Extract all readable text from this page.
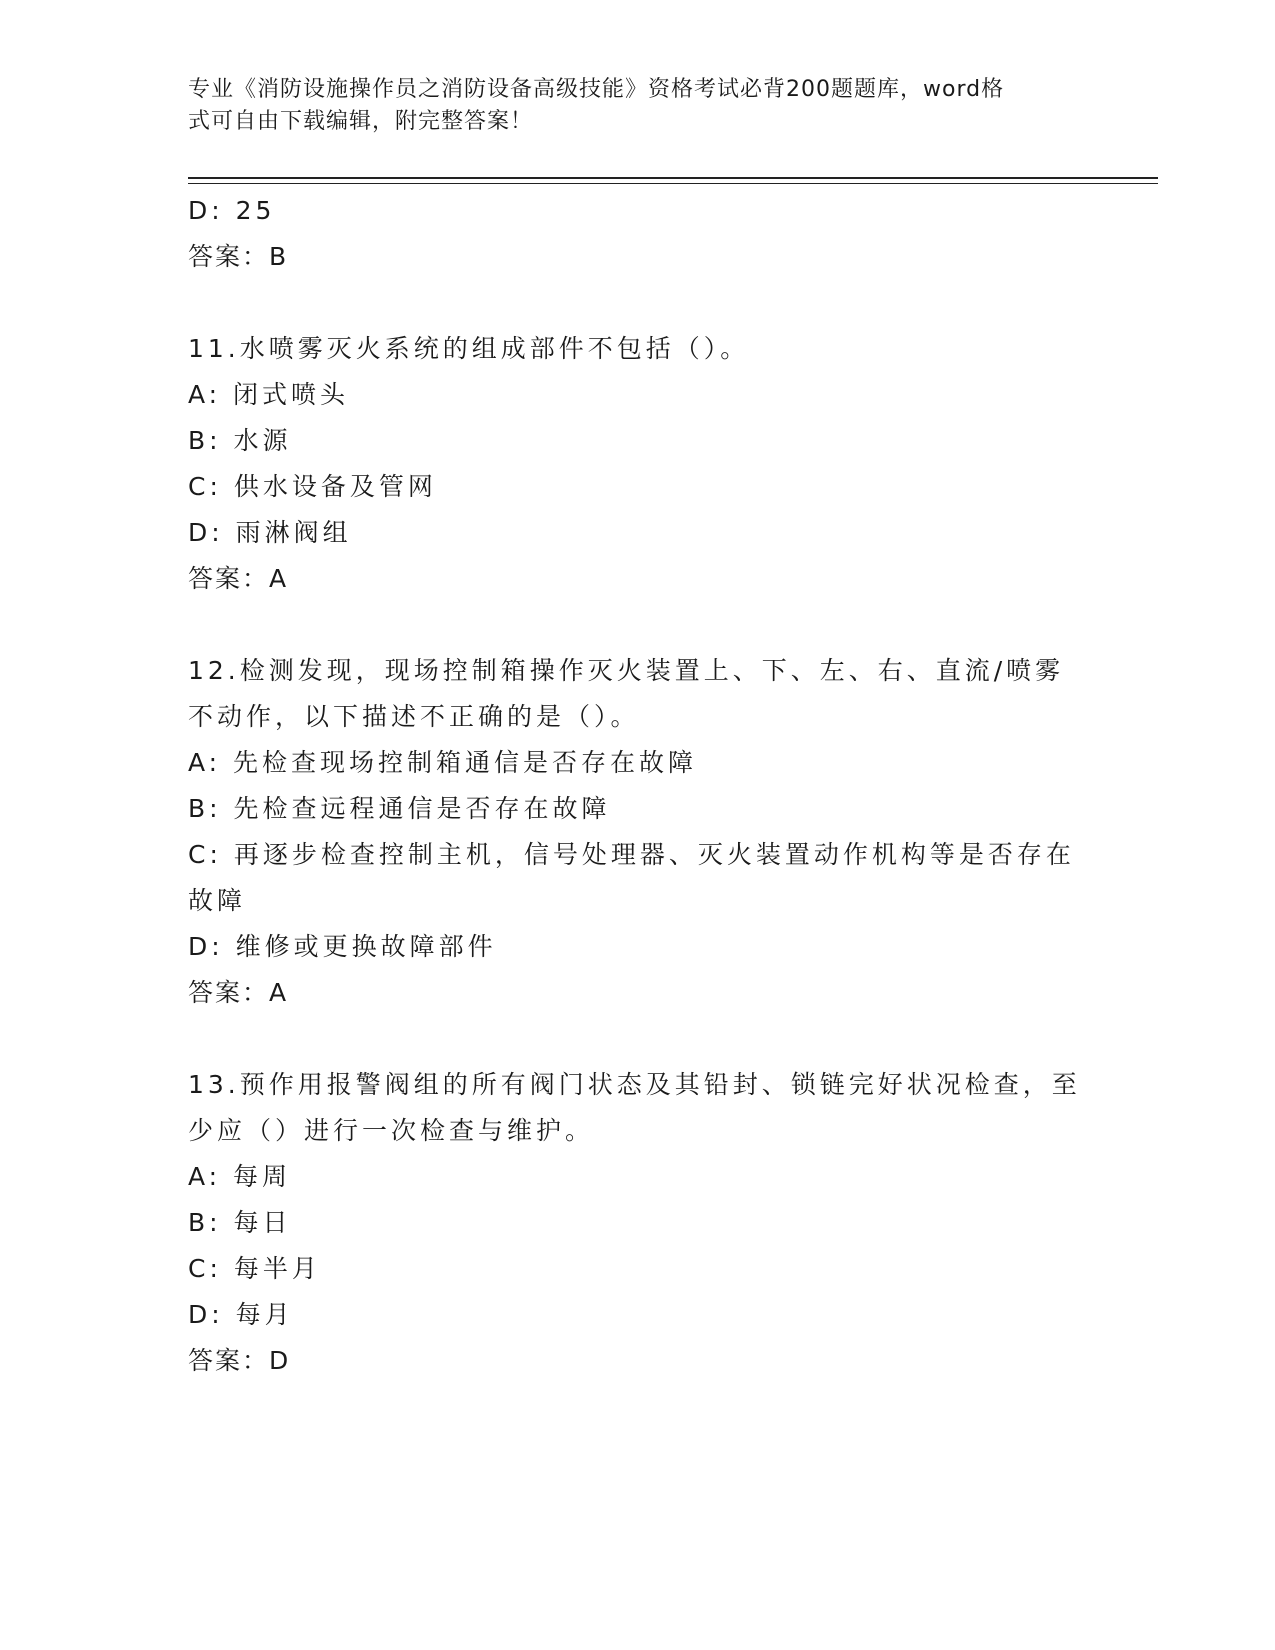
专业《消防设施操作员之消防设备高级技能》资格考试必背200题题库，word格
式可自由下载编辑，附完整答案！
D: 25
答案：B
11.水喷雾灭火系统的组成部件不包括（）。
A: 闭式喷头
B: 水源
C: 供水设备及管网
D: 雨淋阀组
答案：A
12.检测发现，现场控制箱操作灭火装置上、下、左、右、直流/喷雾
不动作，以下描述不正确的是（）。
A: 先检查现场控制箱通信是否存在故障
B: 先检查远程通信是否存在故障
C: 再逐步检查控制主机，信号处理器、灭火装置动作机构等是否存在
故障
D: 维修或更换故障部件
答案：A
13.预作用报警阀组的所有阀门状态及其铅封、锁链完好状况检查，至
少应（）进行一次检查与维护。
A: 每周
B: 每日
C: 每半月
D: 每月
答案：D
